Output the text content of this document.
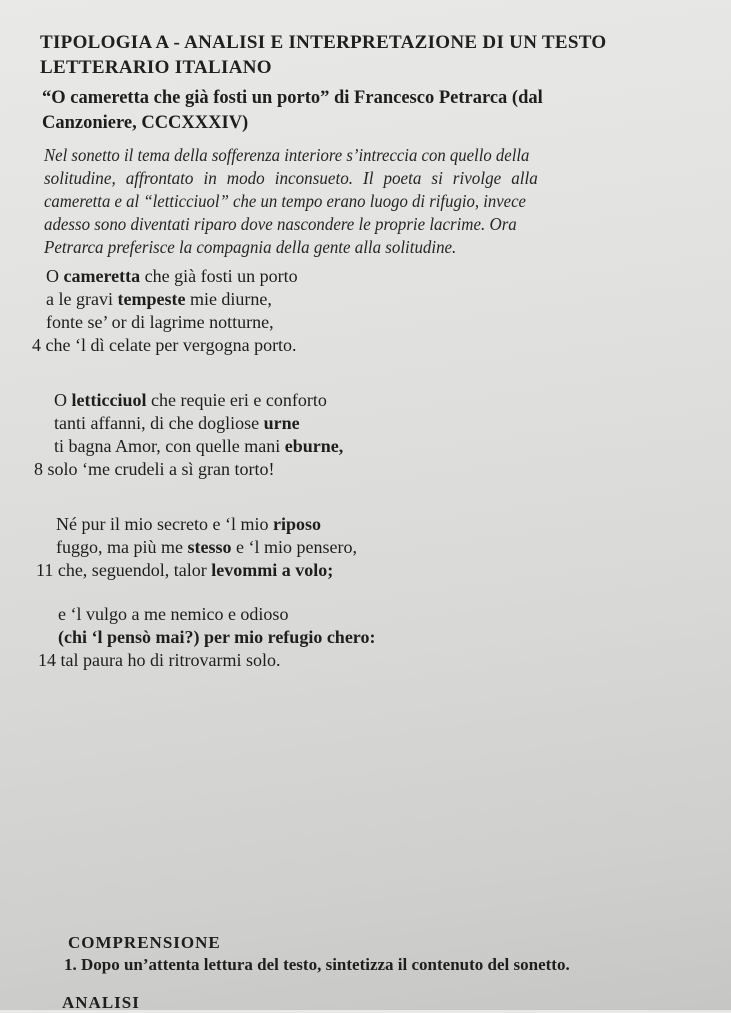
TIPOLOGIA A - ANALISI E INTERPRETAZIONE DI UN TESTO
LETTERARIO ITALIANO
“O cameretta che già fosti un porto” di Francesco Petrarca (dal
Canzoniere, CCCXXXIV)
Nel sonetto il tema della sofferenza interiore s’intreccia con quello della
solitudine, affrontato in modo inconsueto. Il poeta si rivolge alla
cameretta e al “letticciuol” che un tempo erano luogo di rifugio, invece
adesso sono diventati riparo dove nascondere le proprie lacrime. Ora
Petrarca preferisce la compagnia della gente alla solitudine.
O cameretta che già fosti un porto
a le gravi tempeste mie diurne,
fonte se’ or di lagrime notturne,
4 che ‘l dì celate per vergogna porto.
O letticciuol che requie eri e conforto
tanti affanni, di che dogliose urne
ti bagna Amor, con quelle mani eburne,
8 solo ‘me crudeli a sì gran torto!
Né pur il mio secreto e ‘l mio riposo
fuggo, ma più me stesso e ‘l mio pensero,
11 che, seguendol, talor levommi a volo;
e ‘l vulgo a me nemico e odioso
(chi ‘l pensò mai?) per mio refugio chero:
14 tal paura ho di ritrovarmi solo.
COMPRENSIONE
1. Dopo un’attenta lettura del testo, sintetizza il contenuto del sonetto.
ANALISI
